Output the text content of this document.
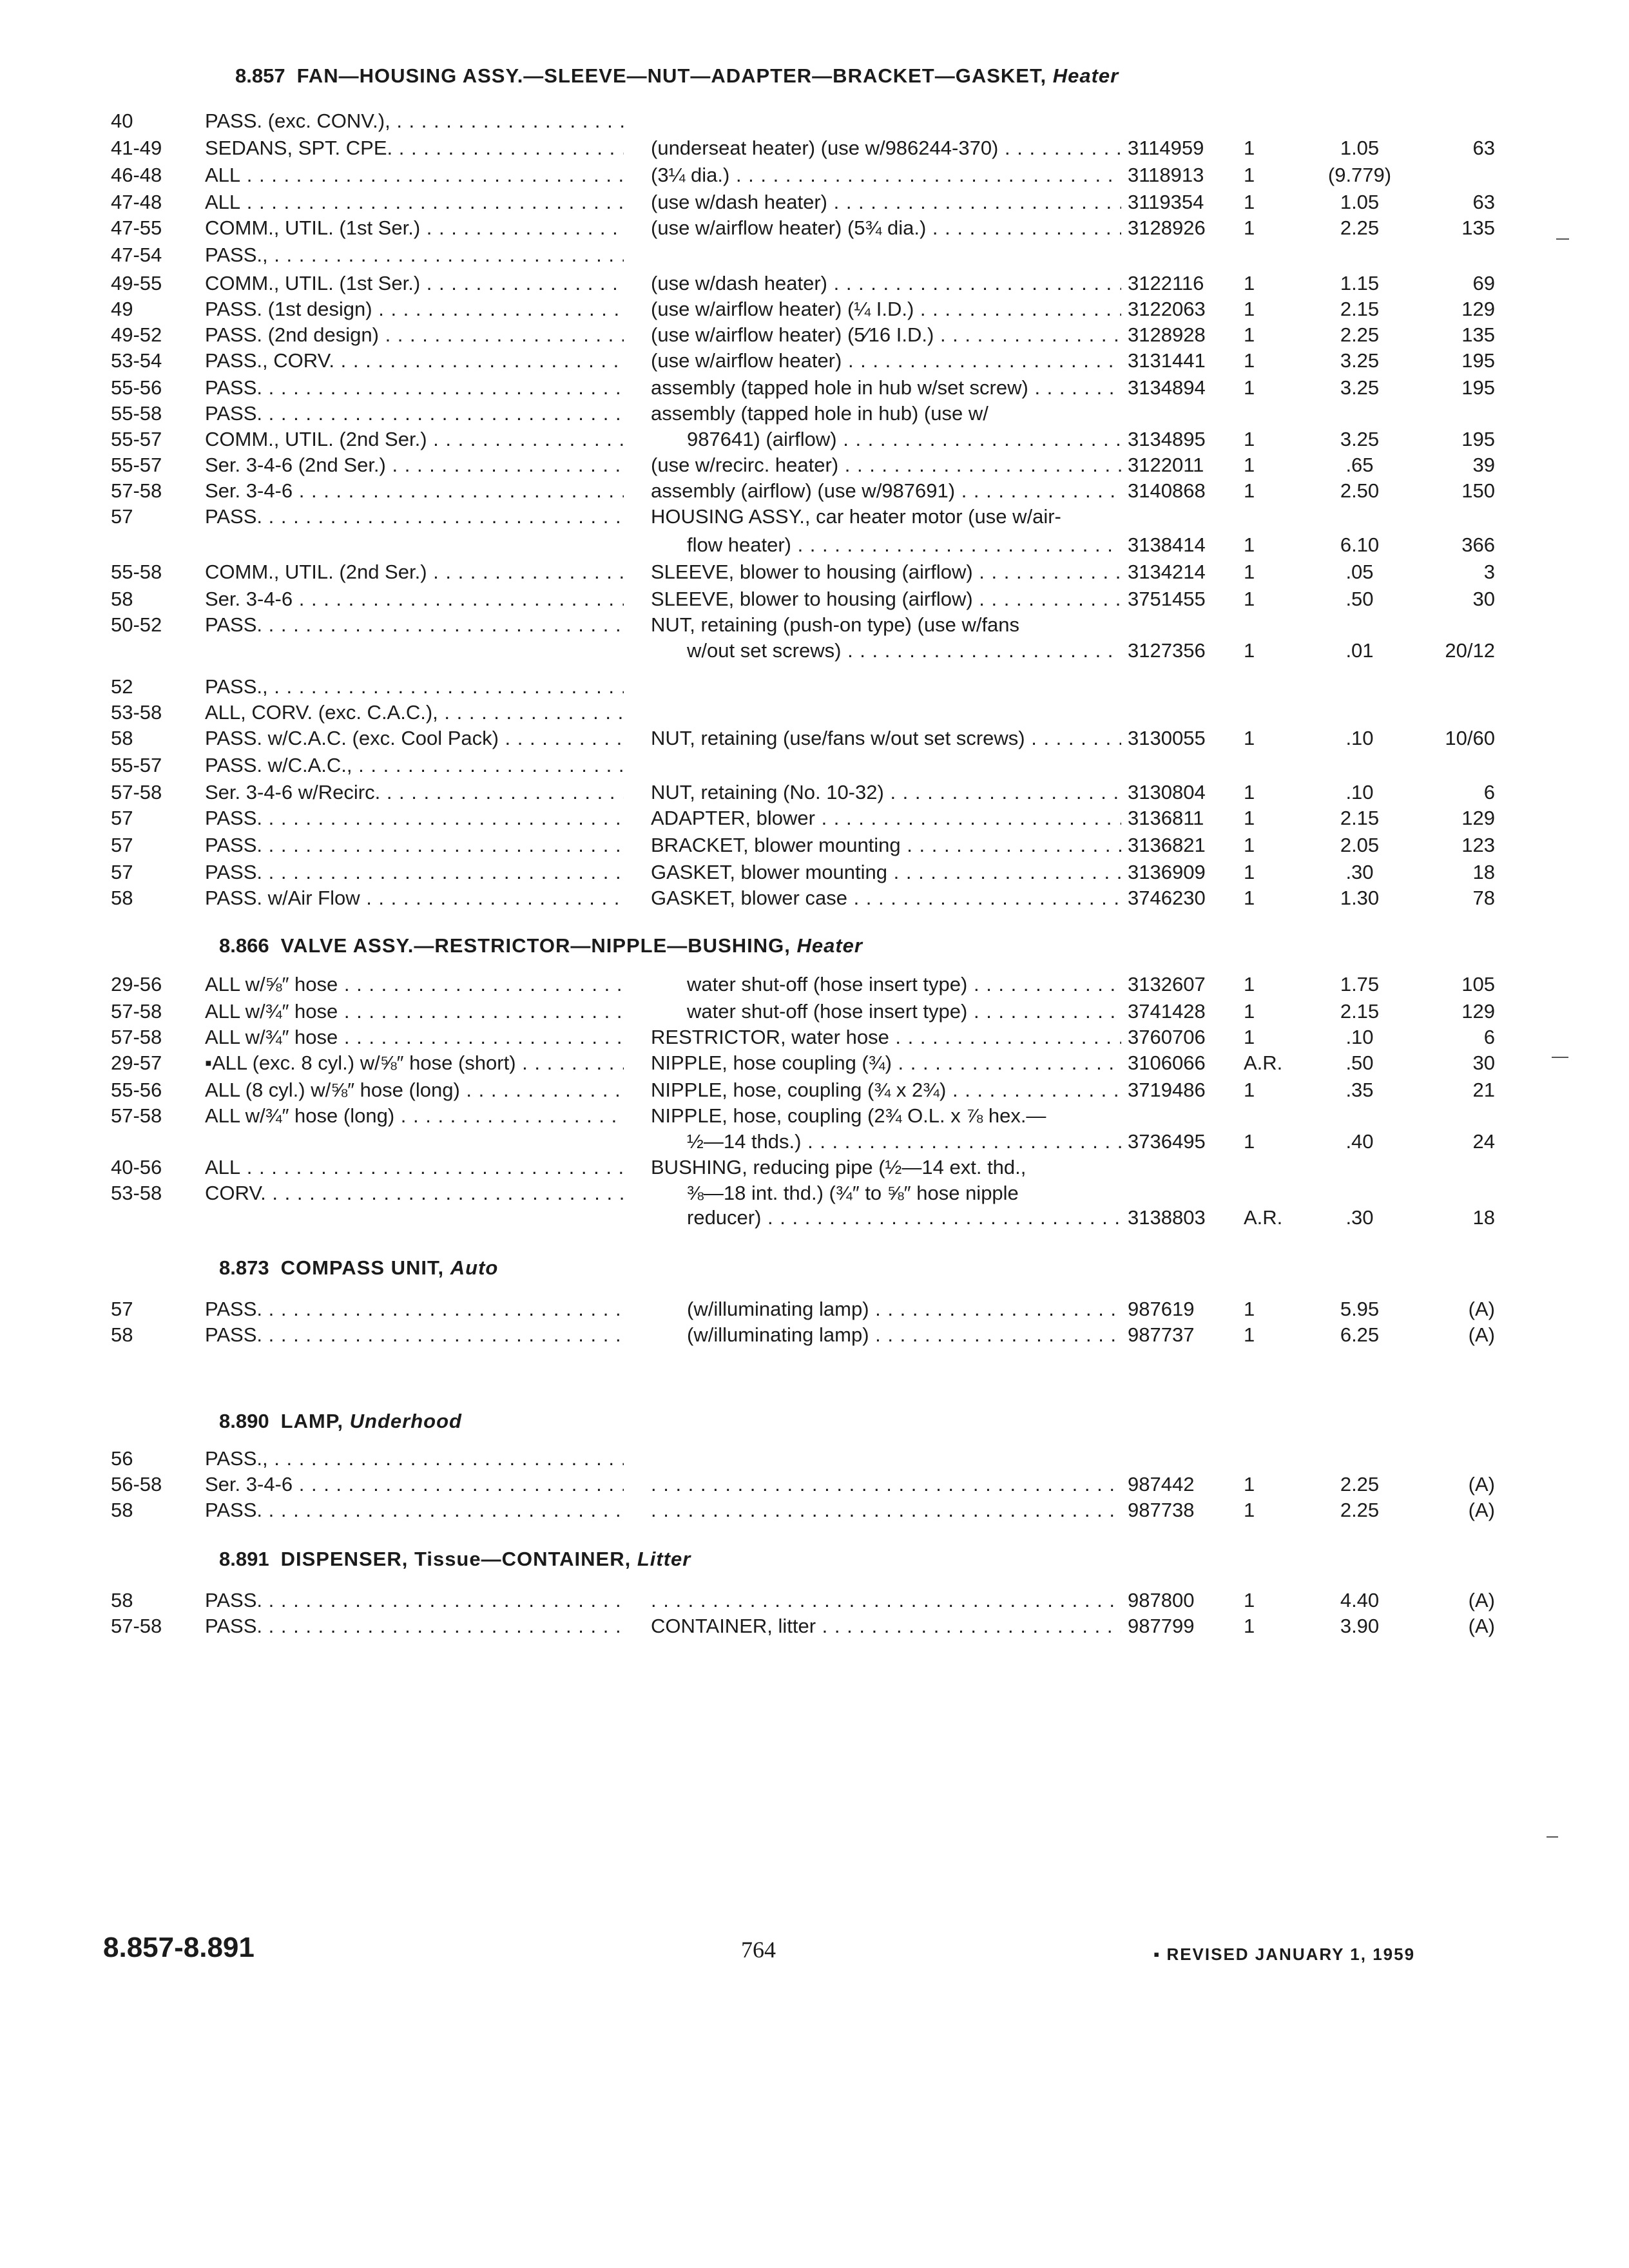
8.857 FAN—HOUSING ASSY.—SLEEVE—NUT—ADAPTER—BRACKET—GASKET, Heater
40	PASS. (exc. CONV.), . . .
41-49	SEDANS, SPT. CPE. . . .	(underseat heater) (use w/986244-370) . . .	3114959	1	1.05	63
46-48	ALL . . .	(3¼ dia.) . . .	3118913	1	(9.779)
47-48	ALL . . .	(use w/dash heater) . . .	3119354	1	1.05	63
47-55	COMM., UTIL. (1st Ser.) . . .	(use w/airflow heater) (5¾ dia.) . . .	3128926	1	2.25	135
47-54	PASS., . . .
49-55	COMM., UTIL. (1st Ser.) . . .	(use w/dash heater) . . .	3122116	1	1.15	69
49	PASS. (1st design) . . .	(use w/airflow heater) (¼ I.D.) . . .	3122063	1	2.15	129
49-52	PASS. (2nd design) . . .	(use w/airflow heater) (5⁄16 I.D.) . . .	3128928	1	2.25	135
53-54	PASS., CORV. . . .	(use w/airflow heater) . . .	3131441	1	3.25	195
55-56	PASS. . . .	assembly (tapped hole in hub w/set screw) . . .	3134894	1	3.25	195
55-58	PASS. . . .	assembly (tapped hole in hub) (use w/
55-57	COMM., UTIL. (2nd Ser.) . . .	987641) (airflow) . . .	3134895	1	3.25	195
55-57	Ser. 3-4-6 (2nd Ser.) . . .	(use w/recirc. heater) . . .	3122011	1	.65	39
57-58	Ser. 3-4-6 . . .	assembly (airflow) (use w/987691) . . .	3140868	1	2.50	150
57	PASS. . . .	HOUSING ASSY., car heater motor (use w/air-
flow heater) . . .	3138414	1	6.10	366
55-58	COMM., UTIL. (2nd Ser.) . . .	SLEEVE, blower to housing (airflow) . . .	3134214	1	.05	3
58	Ser. 3-4-6 . . .	SLEEVE, blower to housing (airflow) . . .	3751455	1	.50	30
50-52	PASS. . . .	NUT, retaining (push-on type) (use w/fans
w/out set screws) . . .	3127356	1	.01	20/12
52	PASS., . . .
53-58	ALL, CORV. (exc. C.A.C.), . . .
58	PASS. w/C.A.C. (exc. Cool Pack) . . .	NUT, retaining (use/fans w/out set screws) . . .	3130055	1	.10	10/60
55-57	PASS. w/C.A.C., . . .
57-58	Ser. 3-4-6 w/Recirc. . . .	NUT, retaining (No. 10-32) . . .	3130804	1	.10	6
57	PASS. . . .	ADAPTER, blower . . .	3136811	1	2.15	129
57	PASS. . . .	BRACKET, blower mounting . . .	3136821	1	2.05	123
57	PASS. . . .	GASKET, blower mounting . . .	3136909	1	.30	18
58	PASS. w/Air Flow . . .	GASKET, blower case . . .	3746230	1	1.30	78
8.866 VALVE ASSY.—RESTRICTOR—NIPPLE—BUSHING, Heater
29-56	ALL w/⅝″ hose . . .	water shut-off (hose insert type) . . .	3132607	1	1.75	105
57-58	ALL w/¾″ hose . . .	water shut-off (hose insert type) . . .	3741428	1	2.15	129
57-58	ALL w/¾″ hose . . .	RESTRICTOR, water hose . . .	3760706	1	.10	6
29-57	▪ALL (exc. 8 cyl.) w/⅝″ hose (short) . . .	NIPPLE, hose coupling (¾) . . .	3106066	A.R.	.50	30
55-56	ALL (8 cyl.) w/⅝″ hose (long) . . .	NIPPLE, hose, coupling (¾ x 2¾) . . .	3719486	1	.35	21
57-58	ALL w/¾″ hose (long) . . .	NIPPLE, hose, coupling (2¾ O.L. x ⅞ hex.—
½—14 thds.) . . .	3736495	1	.40	24
40-56	ALL . . .	BUSHING, reducing pipe (½—14 ext. thd.,
53-58	CORV. . . .	⅜—18 int. thd.) (¾″ to ⅝″ hose nipple
reducer) . . .	3138803	A.R.	.30	18
8.873 COMPASS UNIT, Auto
57	PASS. . . .	(w/illuminating lamp) . . .	987619	1	5.95	(A)
58	PASS. . . .	(w/illuminating lamp) . . .	987737	1	6.25	(A)
8.890 LAMP, Underhood
56	PASS., . . .
56-58	Ser. 3-4-6 . . . . . .	987442	1	2.25	(A)
58	PASS. . . . . . .	987738	1	2.25	(A)
8.891 DISPENSER, Tissue—CONTAINER, Litter
58	PASS. . . . . . .	987800	1	4.40	(A)
57-58	PASS. . . .	CONTAINER, litter . . .	987799	1	3.90	(A)
8.857-8.891	764	▪ REVISED JANUARY 1, 1959
